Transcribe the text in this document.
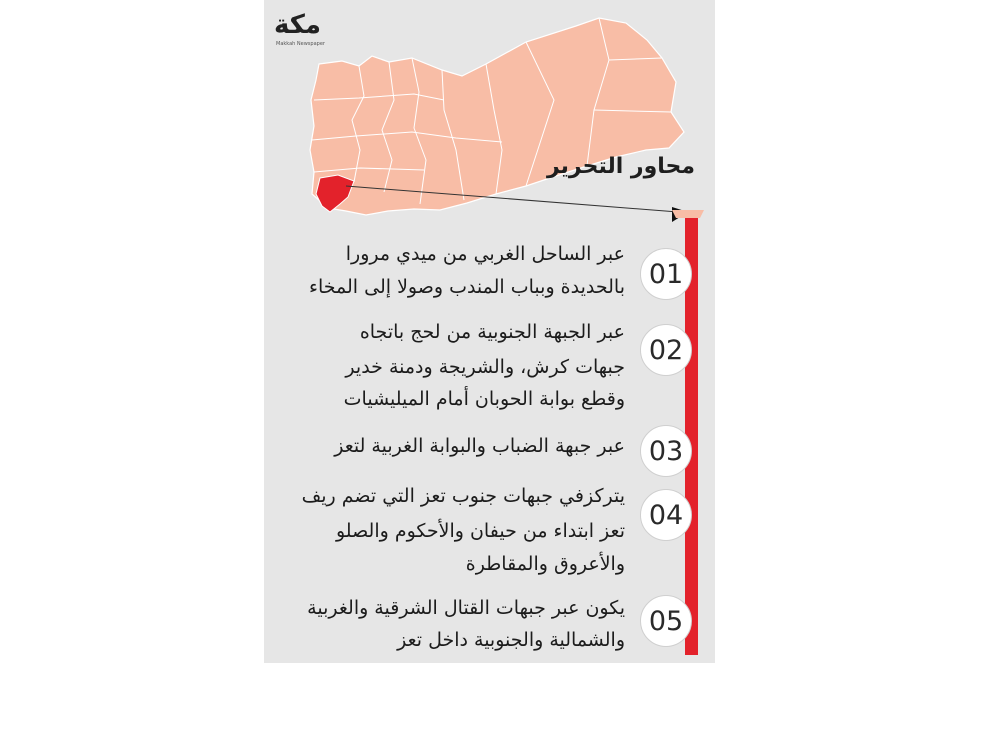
مكة
Makkah Newspaper
محاور التحرير
01
عبر الساحل الغربي من ميدي مرورا
بالحديدة وبباب المندب وصولا إلى المخاء
02
عبر الجبهة الجنوبية من لحج باتجاه
جبهات كرش، والشريجة ودمنة خدير
وقطع بوابة الحوبان أمام الميليشيات
03
عبر جبهة الضباب والبوابة الغربية لتعز
04
يتركزفي جبهات جنوب تعز التي تضم ريف
تعز ابتداء من حيفان والأحكوم والصلو
والأعروق والمقاطرة
05
يكون عبر جبهات القتال الشرقية والغربية
والشمالية والجنوبية داخل تعز
